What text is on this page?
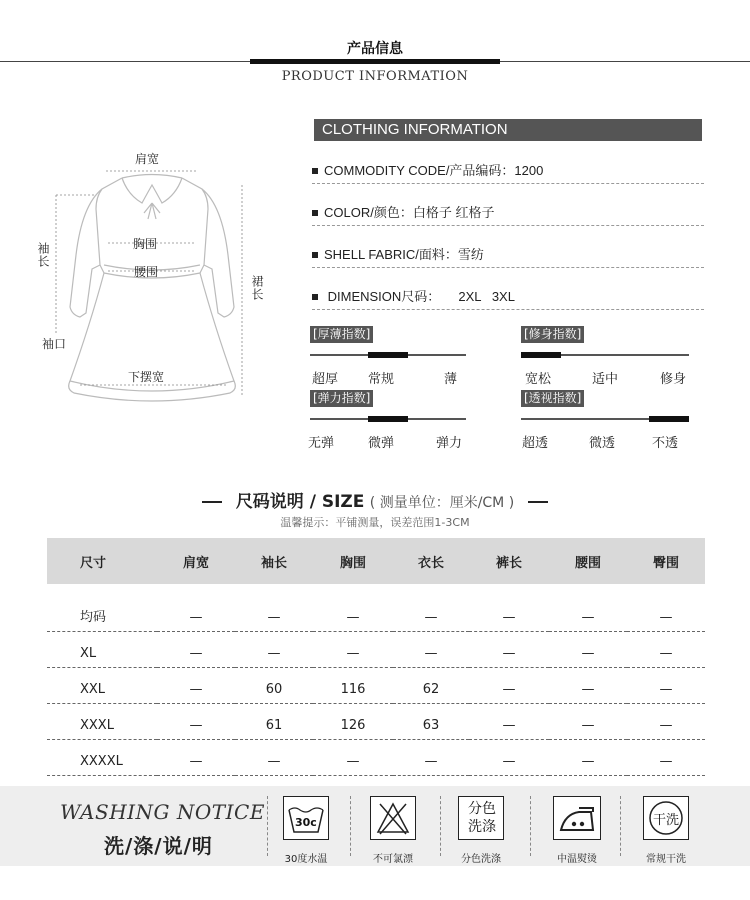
产品信息
PRODUCT INFORMATION
肩宽
袖长	胸围
腰围
裙长
袖口
下摆宽
CLOTHING INFORMATION
COMMODITY CODE/产品编码：1200
COLOR/颜色：白格子 红格子
SHELL FABRIC/面料：雪纺
DIMENSION尺码：     2XL   3XL
[厚薄指数]
超厚 常规	薄
[修身指数]
宽松	适中	修身
[弹力指数]
无弹	微弹	弹力
[透视指数]
超透	微透	不透
尺码说明 / SIZE ( 测量单位：厘米/CM )
温馨提示：平铺测量，误差范围1-3CM
尺寸	肩宽	袖长	胸围	衣长	裤长	腰围	臀围
均码	—	—	—	—	—	—	—
XL	—	—	—	—	—	—	—
XXL	—	60	116	62	—	—	—
XXXL	—	61	126	63	—	—	—
XXXXL	—	—	—	—	—	—	—
WASHING NOTICE
洗/涤/说/明
30c
30度水温	不可氯漂
分色洗涤
分色洗涤	中温熨烫
干洗
常规干洗
